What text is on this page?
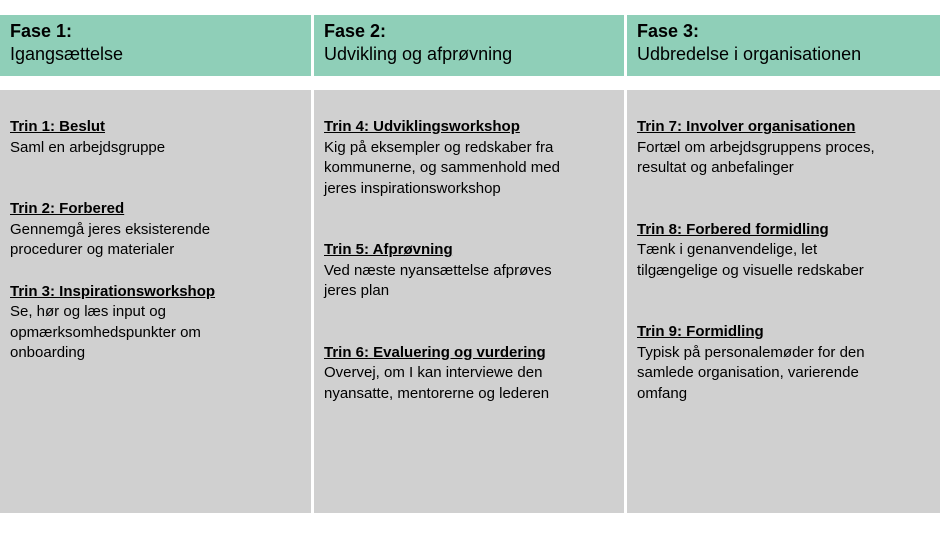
Fase 1:
Igangsættelse
Trin 1: Beslut
Saml en arbejdsgruppe
Trin 2: Forbered
Gennemgå jeres eksisterende
procedurer og materialer
Trin 3: Inspirationsworkshop
Se, hør og læs input og
opmærksomhedspunkter om
onboarding
Fase 2:
Udvikling og afprøvning
Trin 4: Udviklingsworkshop
Kig på eksempler og redskaber fra
kommunerne, og sammenhold med
jeres inspirationsworkshop
Trin 5: Afprøvning
Ved næste nyansættelse afprøves
jeres plan
Trin 6: Evaluering og vurdering
Overvej, om I kan interviewe den
nyansatte, mentorerne og lederen
Fase 3:
Udbredelse i organisationen
Trin 7: Involver organisationen
Fortæl om arbejdsgruppens proces,
resultat og anbefalinger
Trin 8: Forbered formidling
Tænk i genanvendelige, let
tilgængelige og visuelle redskaber
Trin 9: Formidling
Typisk på personalemøder for den
samlede organisation, varierende
omfang
